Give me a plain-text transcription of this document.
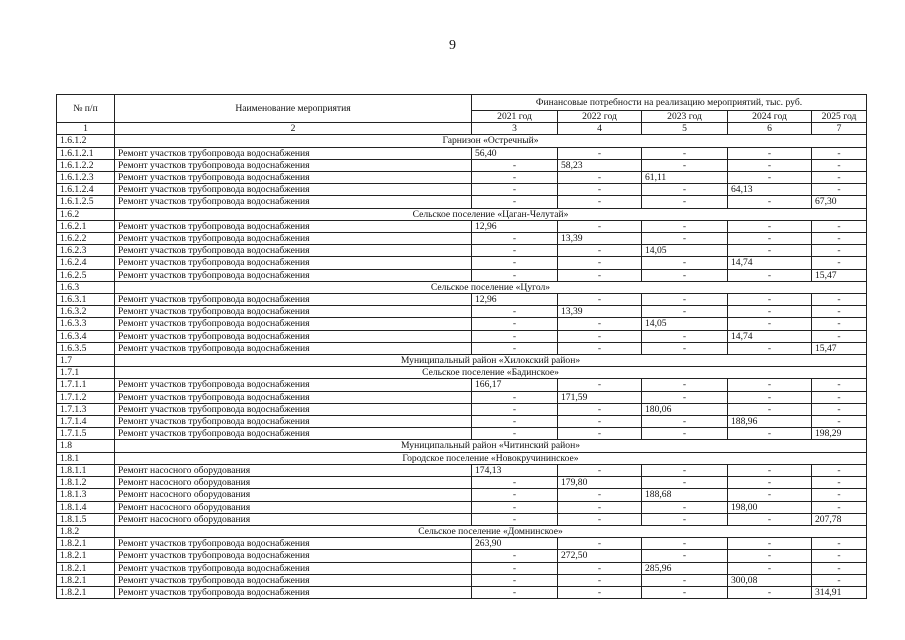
9
№ п/п	Наименование мероприятия	Финансовые потребности на реализацию мероприятий, тыс. руб.				
		2021 год	2022 год	2023 год	2024 год	2025 год
1	2	3	4	5	6	7
1.6.1.2	Гарнизон «Остречный»					
1.6.1.2.1	Ремонт участков трубопровода водоснабжения	56,40	-	-	-	-
1.6.1.2.2	Ремонт участков трубопровода водоснабжения	-	58,23	-	-	-
1.6.1.2.3	Ремонт участков трубопровода водоснабжения	-	-	61,11	-	-
1.6.1.2.4	Ремонт участков трубопровода водоснабжения	-	-	-	64,13	-
1.6.1.2.5	Ремонт участков трубопровода водоснабжения	-	-	-	-	67,30
1.6.2	Сельское поселение «Цаган-Челутай»					
1.6.2.1	Ремонт участков трубопровода водоснабжения	12,96	-	-	-	-
1.6.2.2	Ремонт участков трубопровода водоснабжения	-	13,39	-	-	-
1.6.2.3	Ремонт участков трубопровода водоснабжения	-	-	14,05	-	-
1.6.2.4	Ремонт участков трубопровода водоснабжения	-	-	-	14,74	-
1.6.2.5	Ремонт участков трубопровода водоснабжения	-	-	-	-	15,47
1.6.3	Сельское поселение «Цугол»					
1.6.3.1	Ремонт участков трубопровода водоснабжения	12,96	-	-	-	-
1.6.3.2	Ремонт участков трубопровода водоснабжения	-	13,39	-	-	-
1.6.3.3	Ремонт участков трубопровода водоснабжения	-	-	14,05	-	-
1.6.3.4	Ремонт участков трубопровода водоснабжения	-	-	-	14,74	-
1.6.3.5	Ремонт участков трубопровода водоснабжения	-	-	-	-	15,47
1.7	Муниципальный район «Хилокский район»					
1.7.1	Сельское поселение «Бадинское»					
1.7.1.1	Ремонт участков трубопровода водоснабжения	166,17	-	-	-	-
1.7.1.2	Ремонт участков трубопровода водоснабжения	-	171,59	-	-	-
1.7.1.3	Ремонт участков трубопровода водоснабжения	-	-	180,06	-	-
1.7.1.4	Ремонт участков трубопровода водоснабжения	-	-	-	188,96	-
1.7.1.5	Ремонт участков трубопровода водоснабжения	-	-	-	-	198,29
1.8	Муниципальный район «Читинский район»					
1.8.1	Городское поселение «Новокручининское»					
1.8.1.1	Ремонт насосного оборудования	174,13	-	-	-	-
1.8.1.2	Ремонт насосного оборудования	-	179,80	-	-	-
1.8.1.3	Ремонт насосного оборудования	-	-	188,68	-	-
1.8.1.4	Ремонт насосного оборудования	-	-	-	198,00	-
1.8.1.5	Ремонт насосного оборудования	-	-	-	-	207,78
1.8.2	Сельское поселение «Домнинское»					
1.8.2.1	Ремонт участков трубопровода водоснабжения	263,90	-	-	-	-
1.8.2.1	Ремонт участков трубопровода водоснабжения	-	272,50	-	-	-
1.8.2.1	Ремонт участков трубопровода водоснабжения	-	-	285,96	-	-
1.8.2.1	Ремонт участков трубопровода водоснабжения	-	-	-	300,08	-
1.8.2.1	Ремонт участков трубопровода водоснабжения	-	-	-	-	314,91
